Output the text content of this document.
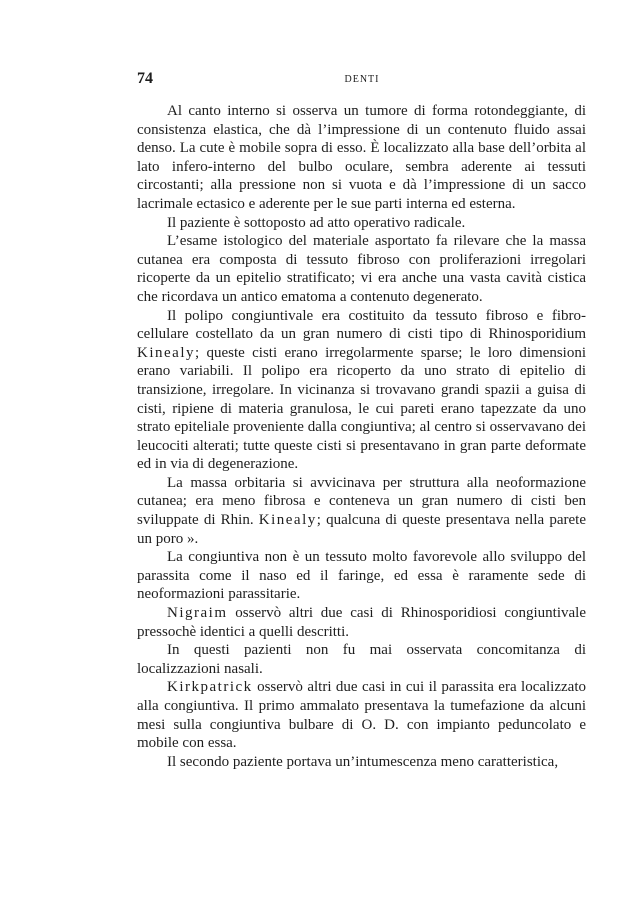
74	DENTI

Al canto interno si osserva un tumore di forma rotondeggiante, di consistenza elastica, che dà l’impressione di un contenuto fluido assai denso. La cute è mobile sopra di esso. È localizzato alla base dell’orbita al lato infero-interno del bulbo oculare, sembra aderente ai tessuti circostanti; alla pressione non si vuota e dà l’impressione di un sacco lacrimale ectasico e aderente per le sue parti interna ed esterna.

Il paziente è sottoposto ad atto operativo radicale.

L’esame istologico del materiale asportato fa rilevare che la massa cutanea era composta di tessuto fibroso con proliferazioni irregolari ricoperte da un epitelio stratificato; vi era anche una vasta cavità cistica che ricordava un antico ematoma a contenuto degenerato.

Il polipo congiuntivale era costituito da tessuto fibroso e fibro-cellulare costellato da un gran numero di cisti tipo di Rhinosporidium Kinealy; queste cisti erano irregolarmente sparse; le loro dimensioni erano variabili. Il polipo era ricoperto da uno strato di epitelio di transizione, irregolare. In vicinanza si trovavano grandi spazii a guisa di cisti, ripiene di materia granulosa, le cui pareti erano tapezzate da uno strato epiteliale proveniente dalla congiuntiva; al centro si osservavano dei leucociti alterati; tutte queste cisti si presentavano in gran parte deformate ed in via di degenerazione.

La massa orbitaria si avvicinava per struttura alla neoformazione cutanea; era meno fibrosa e conteneva un gran numero di cisti ben sviluppate di Rhin. Kinealy; qualcuna di queste presentava nella parete un poro ».

La congiuntiva non è un tessuto molto favorevole allo sviluppo del parassita come il naso ed il faringe, ed essa è raramente sede di neoformazioni parassitarie.

Nigraim osservò altri due casi di Rhinosporidiosi congiuntivale pressochè identici a quelli descritti.

In questi pazienti non fu mai osservata concomitanza di localizzazioni nasali.

Kirkpatrick osservò altri due casi in cui il parassita era localizzato alla congiuntiva. Il primo ammalato presentava la tumefazione da alcuni mesi sulla congiuntiva bulbare di O. D. con impianto peduncolato e mobile con essa.

Il secondo paziente portava un’intumescenza meno caratteristica,
